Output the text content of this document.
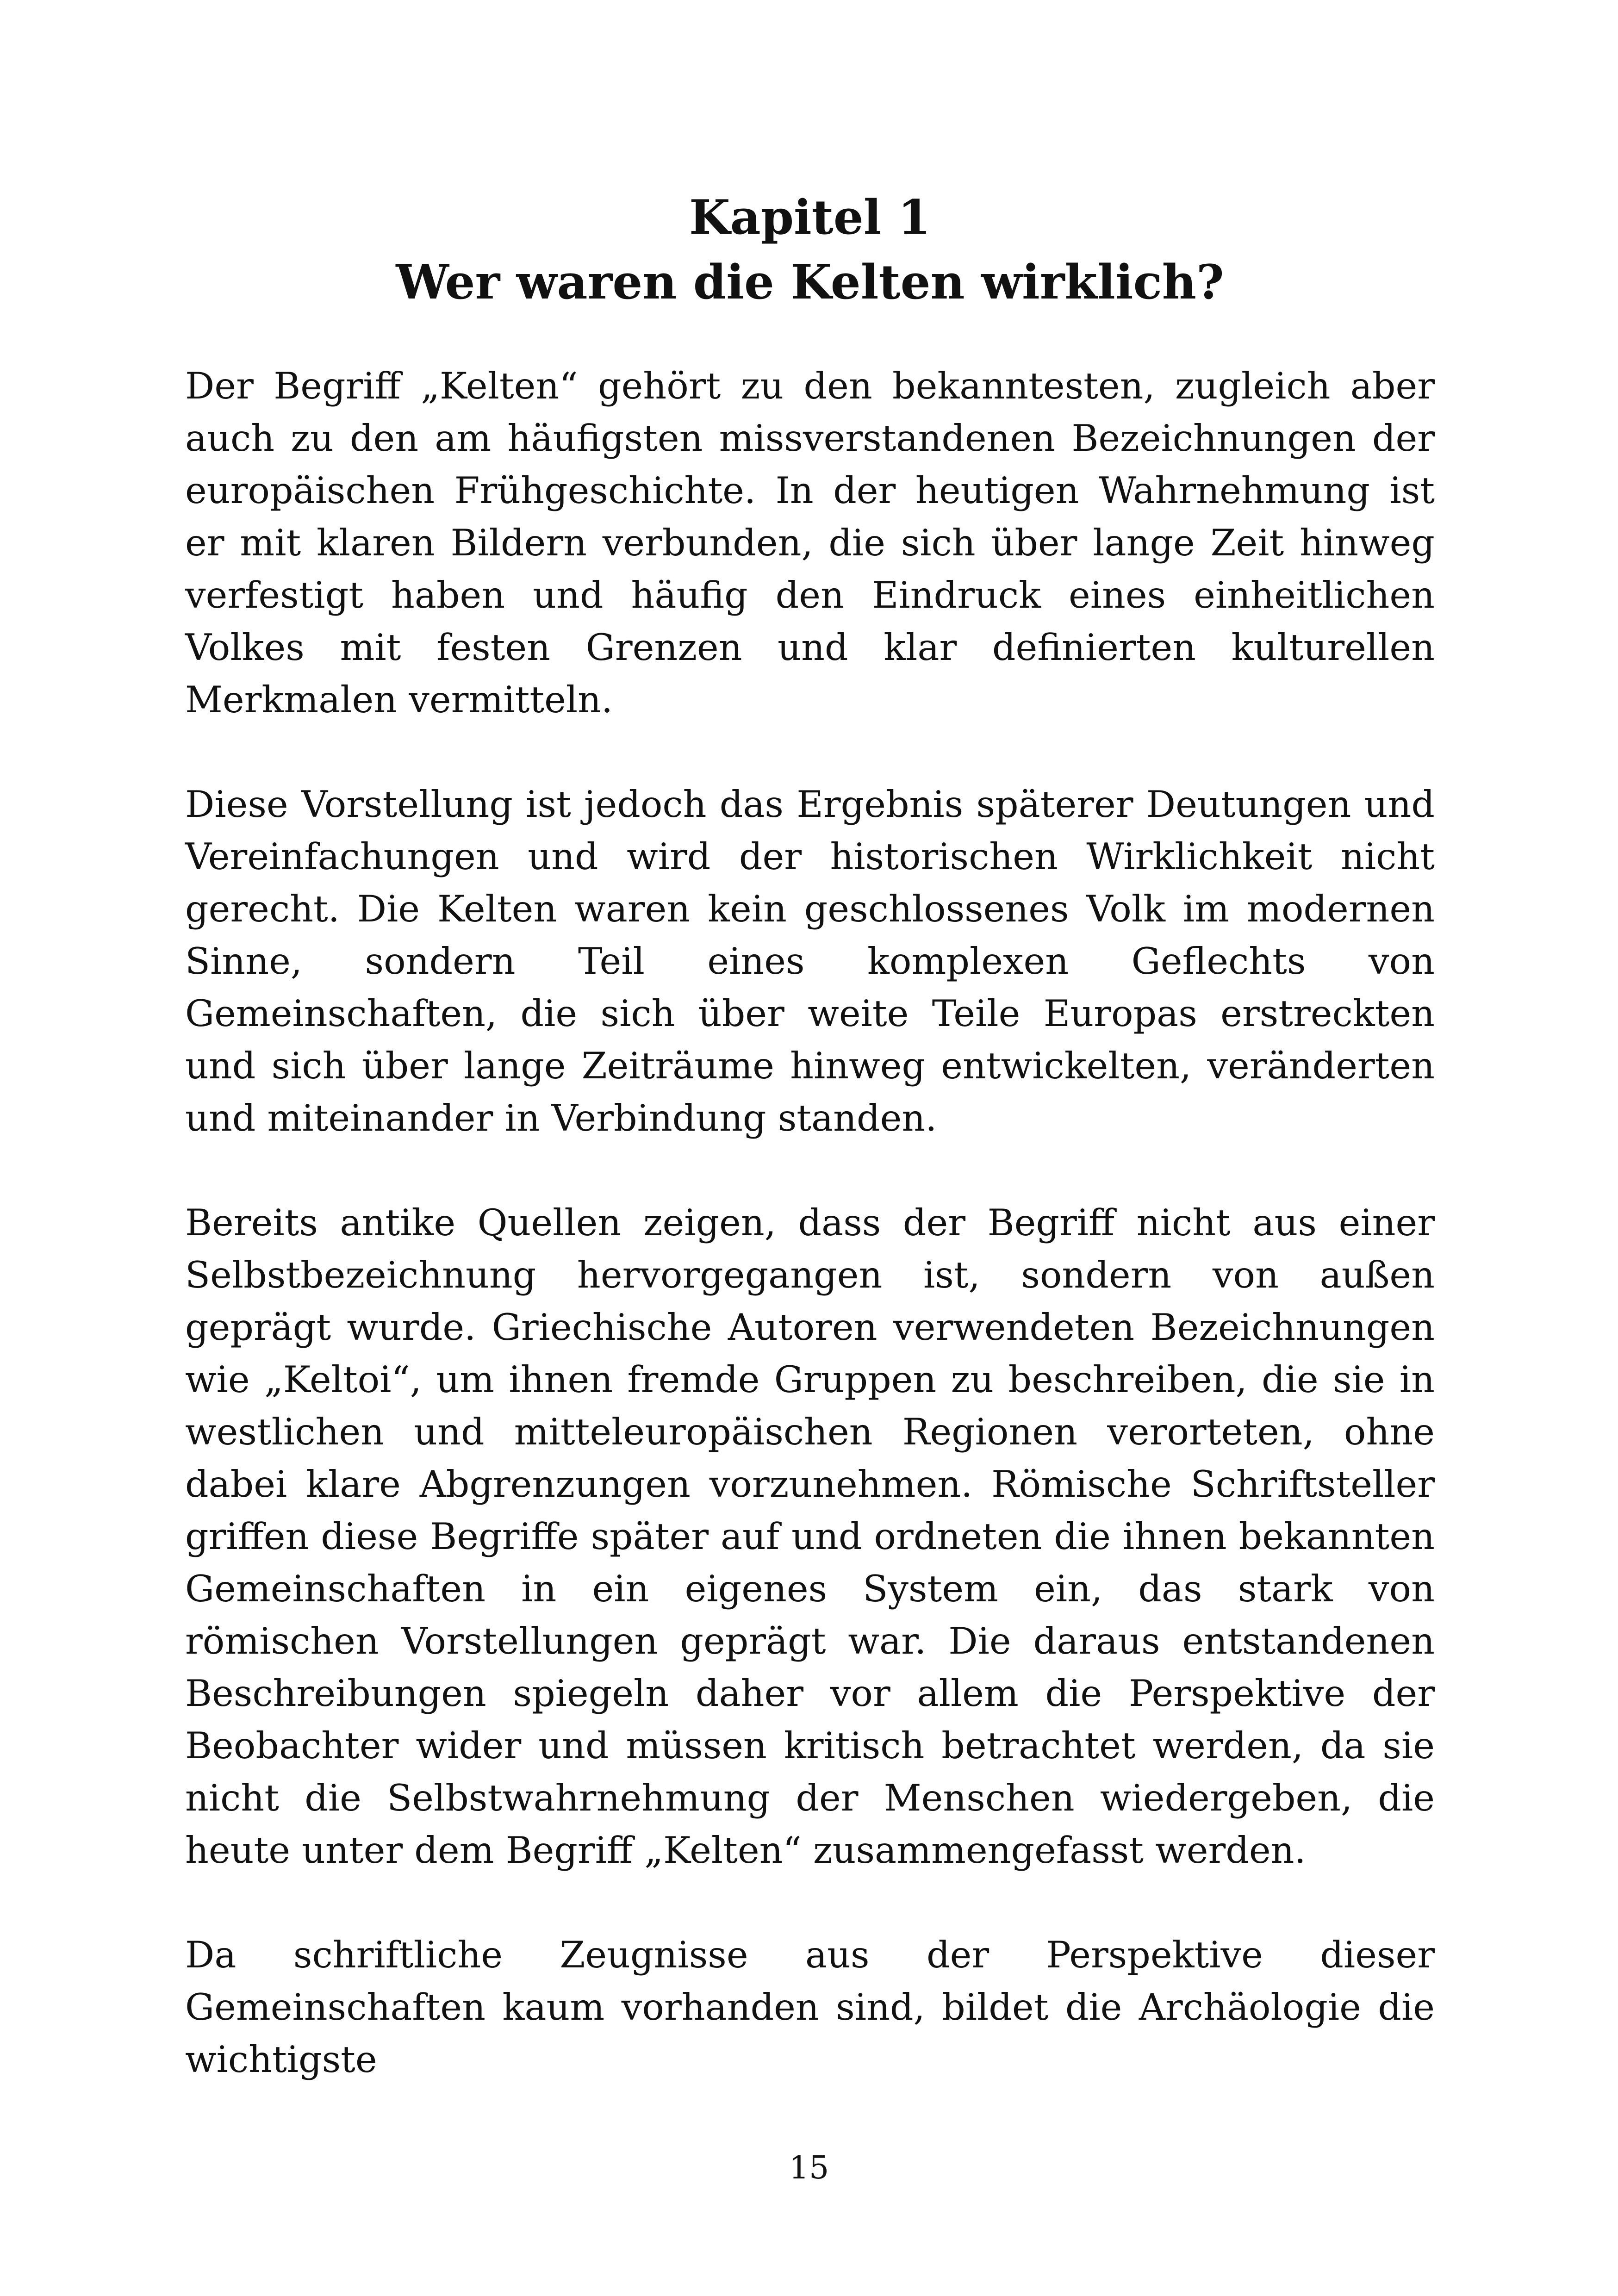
Kapitel 1
Wer waren die Kelten wirklich?

Der Begriff „Kelten“ gehört zu den bekanntesten, zugleich aber auch zu den am häufigsten missverstandenen Bezeichnungen der europäischen Frühgeschichte. In der heutigen Wahrnehmung ist er mit klaren Bildern verbunden, die sich über lange Zeit hinweg verfestigt haben und häufig den Eindruck eines einheitlichen Volkes mit festen Grenzen und klar definierten kulturellen Merkmalen vermitteln.

Diese Vorstellung ist jedoch das Ergebnis späterer Deutungen und Vereinfachungen und wird der historischen Wirklichkeit nicht gerecht. Die Kelten waren kein geschlossenes Volk im modernen Sinne, sondern Teil eines komplexen Geflechts von Gemeinschaften, die sich über weite Teile Europas erstreckten und sich über lange Zeiträume hinweg entwickelten, veränderten und miteinander in Verbindung standen.

Bereits antike Quellen zeigen, dass der Begriff nicht aus einer Selbstbezeichnung hervorgegangen ist, sondern von außen geprägt wurde. Griechische Autoren verwendeten Bezeichnungen wie „Keltoi“, um ihnen fremde Gruppen zu beschreiben, die sie in westlichen und mitteleuropäischen Regionen verorteten, ohne dabei klare Abgrenzungen vorzunehmen. Römische Schriftsteller griffen diese Begriffe später auf und ordneten die ihnen bekannten Gemeinschaften in ein eigenes System ein, das stark von römischen Vorstellungen geprägt war. Die daraus entstandenen Beschreibungen spiegeln daher vor allem die Perspektive der Beobachter wider und müssen kritisch betrachtet werden, da sie nicht die Selbstwahrnehmung der Menschen wiedergeben, die heute unter dem Begriff „Kelten“ zusammengefasst werden.

Da schriftliche Zeugnisse aus der Perspektive dieser Gemeinschaften kaum vorhanden sind, bildet die Archäologie die wichtigste

15
